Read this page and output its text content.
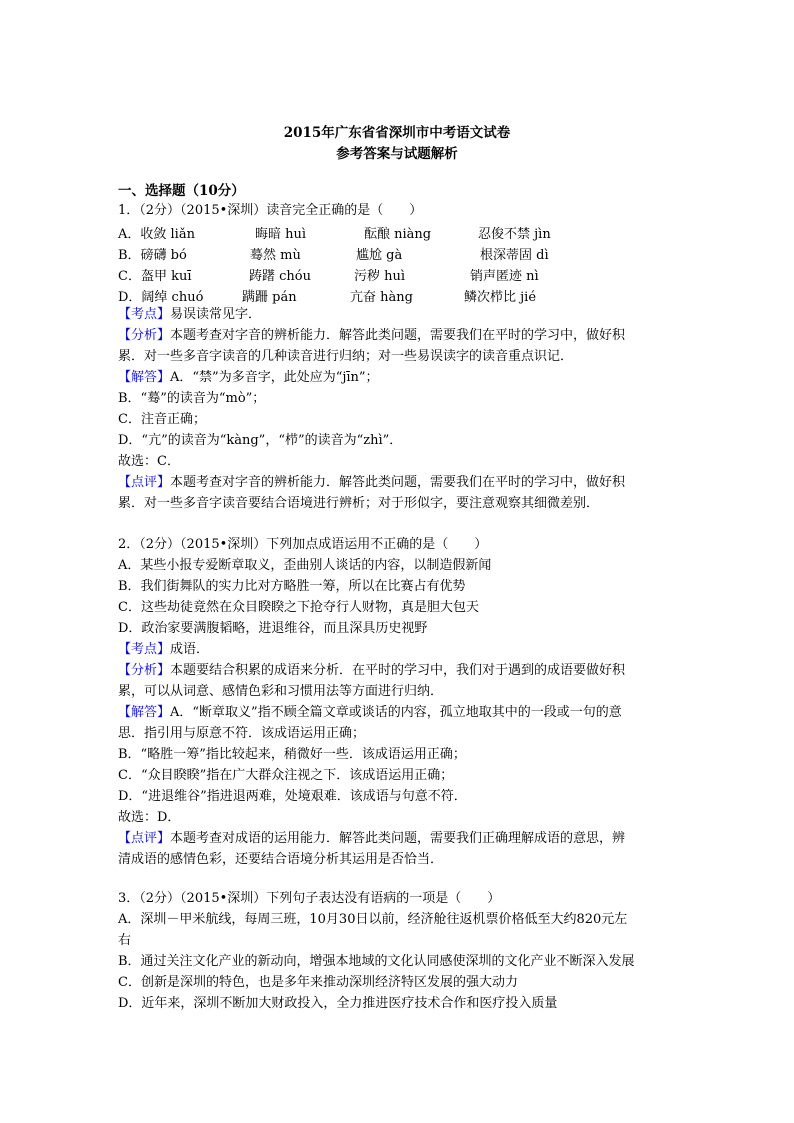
2015年广东省省深圳市中考语文试卷
参考答案与试题解析
一、选择题（10分）
1．（2分）（2015•深圳）读音完全正确的是（　　）
A．收敛 liǎn	晦暗 huì	酝酿 niàng	忍俊不禁 jìn
B．磅礴 bó	蓦然 mù	尴尬 gà	根深蒂固 dì
C．盔甲 kuī	踌躇 chóu	污秽 huì	销声匿迹 nì
D．阔绰 chuó	蹒跚 pán	亢奋 hàng	鳞次栉比 jié
【考点】易误读常见字．
【分析】本题考查对字音的辨析能力．解答此类问题，需要我们在平时的学习中，做好积
累．对一些多音字读音的几种读音进行归纳；对一些易误读字的读音重点识记．
【解答】A．“禁”为多音字，此处应为“jīn”；
B．“蓦”的读音为“mò”；
C．注音正确；
D．“亢”的读音为“kàng”，“栉”的读音为“zhì”．
故选：C．
【点评】本题考查对字音的辨析能力．解答此类问题，需要我们在平时的学习中，做好积
累．对一些多音字读音要结合语境进行辨析；对于形似字，要注意观察其细微差别．
2．（2分）（2015•深圳）下列加点成语运用不正确的是（　　）
A．某些小报专爱断章取义，歪曲别人谈话的内容，以制造假新闻
B．我们街舞队的实力比对方略胜一筹，所以在比赛占有优势
C．这些劫徒竟然在众目睽睽之下抢夺行人财物，真是胆大包天
D．政治家要满腹韬略，进退维谷，而且深具历史视野
【考点】成语．
【分析】本题要结合积累的成语来分析．在平时的学习中，我们对于遇到的成语要做好积
累，可以从词意、感情色彩和习惯用法等方面进行归纳．
【解答】A．“断章取义”指不顾全篇文章或谈话的内容，孤立地取其中的一段或一句的意
思．指引用与原意不符．该成语运用正确；
B．“略胜一筹”指比较起来，稍微好一些．该成语运用正确；
C．“众目睽睽”指在广大群众注视之下．该成语运用正确；
D．“进退维谷”指进退两难，处境艰难．该成语与句意不符．
故选：D．
【点评】本题考查对成语的运用能力．解答此类问题，需要我们正确理解成语的意思，辨
清成语的感情色彩，还要结合语境分析其运用是否恰当．
3．（2分）（2015•深圳）下列句子表达没有语病的一项是（　　）
A．深圳－甲米航线，每周三班，10月30日以前，经济舱往返机票价格低至大约820元左
右
B．通过关注文化产业的新动向，增强本地域的文化认同感使深圳的文化产业不断深入发展
C．创新是深圳的特色，也是多年来推动深圳经济特区发展的强大动力
D．近年来，深圳不断加大财政投入，全力推进医疗技术合作和医疗投入质量
